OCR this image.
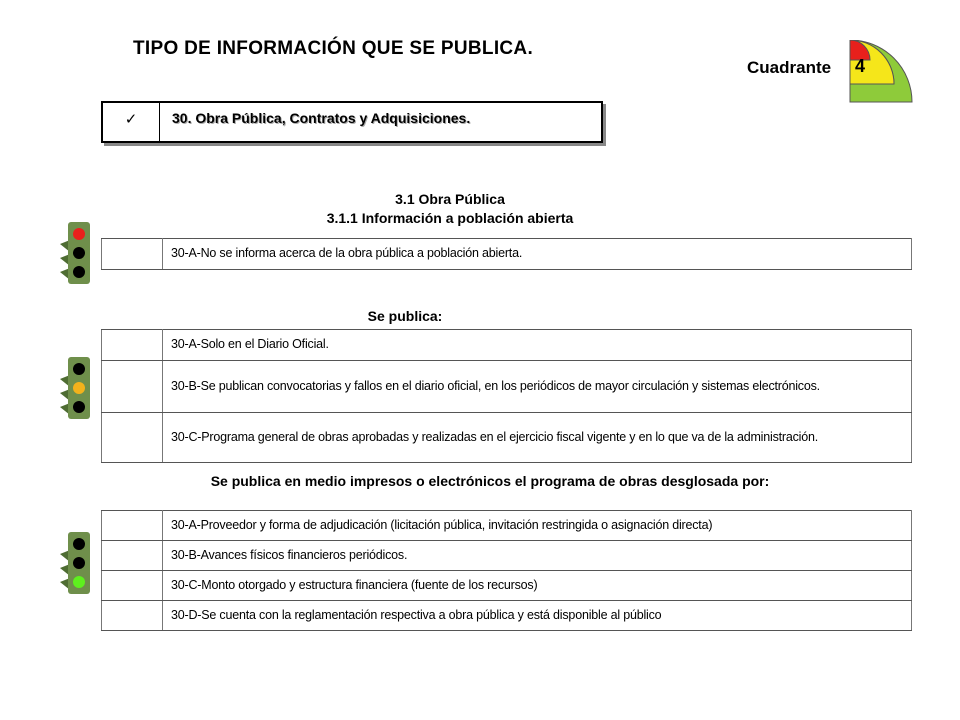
TIPO DE INFORMACIÓN QUE SE PUBLICA.
Cuadrante 4
✓	30. Obra Pública, Contratos y Adquisiciones.
3.1 Obra Pública
3.1.1 Información a población abierta
	30-A-No se informa acerca de la obra pública a población abierta.
Se publica:
	30-A-Solo en el Diario Oficial.
	30-B-Se publican convocatorias y fallos en el diario oficial, en los periódicos de mayor circulación y sistemas electrónicos.
	30-C-Programa general de obras aprobadas y realizadas en el ejercicio fiscal vigente y en lo que va de la administración.
Se publica en medio impresos o electrónicos el programa de obras desglosada por:
	30-A-Proveedor y forma de adjudicación (licitación pública, invitación restringida o asignación directa)
	30-B-Avances físicos financieros periódicos.
	30-C-Monto otorgado y estructura financiera (fuente de los recursos)
	30-D-Se cuenta con la reglamentación respectiva a obra pública y está disponible al público
